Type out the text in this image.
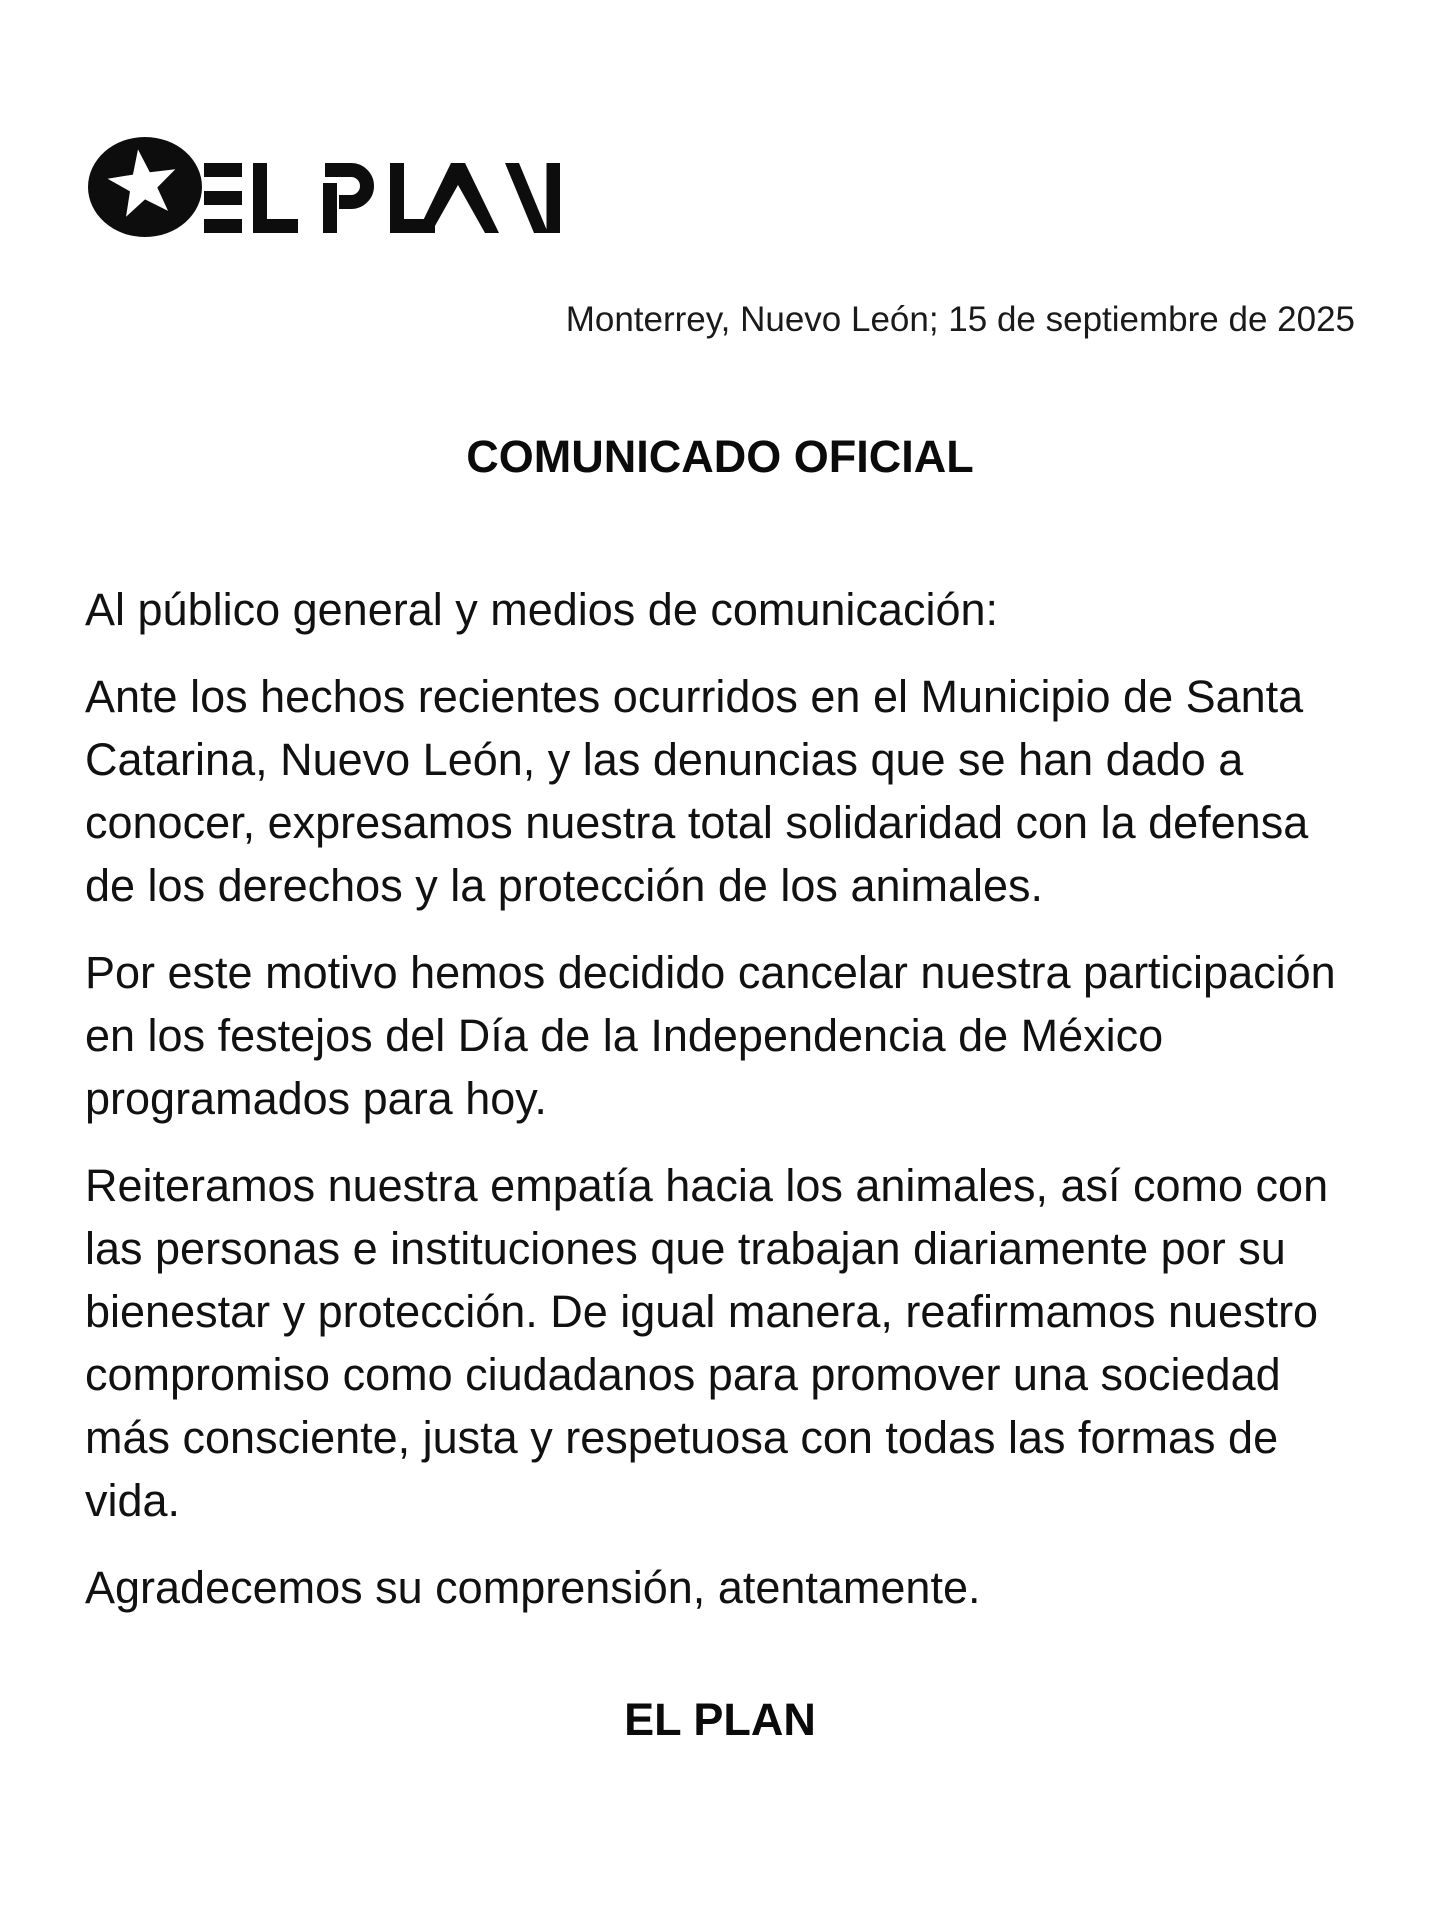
Monterrey, Nuevo León; 15 de septiembre de 2025
COMUNICADO OFICIAL

Al público general y medios de comunicación:

Ante los hechos recientes ocurridos en el Municipio de Santa Catarina, Nuevo León, y las denuncias que se han dado a conocer, expresamos nuestra total solidaridad con la defensa de los derechos y la protección de los animales.

Por este motivo hemos decidido cancelar nuestra participación en los festejos del Día de la Independencia de México programados para hoy.

Reiteramos nuestra empatía hacia los animales, así como con las personas e instituciones que trabajan diariamente por su bienestar y protección. De igual manera, reafirmamos nuestro compromiso como ciudadanos para promover una sociedad más consciente, justa y respetuosa con todas las formas de vida.

Agradecemos su comprensión, atentamente.

EL PLAN
